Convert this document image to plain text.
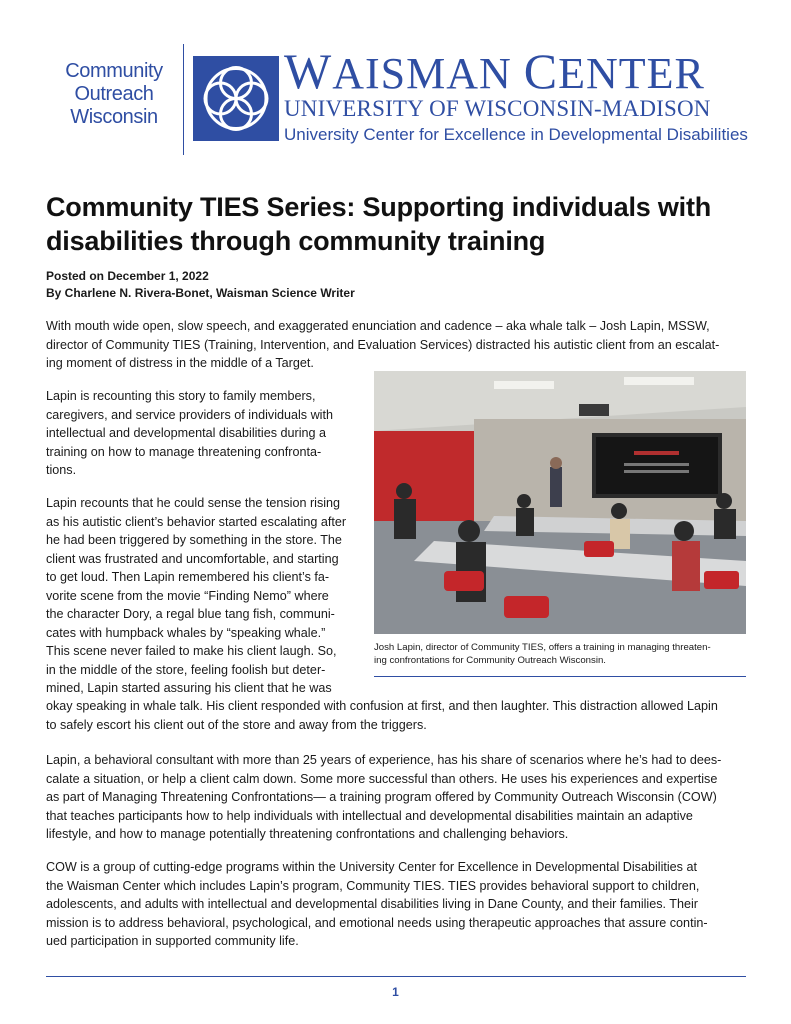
Community
Outreach
Wisconsin
WAISMAN CENTER
UNIVERSITY OF WISCONSIN-MADISON
University Center for Excellence in Developmental Disabilities
Community TIES Series: Supporting individuals with disabilities through community training
Posted on December 1, 2022
By Charlene N. Rivera-Bonet, Waisman Science Writer
With mouth wide open, slow speech, and exaggerated enunciation and cadence – aka whale talk – Josh Lapin, MSSW,
director of Community TIES (Training, Intervention, and Evaluation Services) distracted his autistic client from an escalat-
ing moment of distress in the middle of a Target.
Lapin is recounting this story to family members,
caregivers, and service providers of individuals with
intellectual and developmental disabilities during a
training on how to manage threatening confronta-
tions.
Lapin recounts that he could sense the tension rising
as his autistic client’s behavior started escalating after
he had been triggered by something in the store. The
client was frustrated and uncomfortable, and starting
to get loud. Then Lapin remembered his client’s fa-
vorite scene from the movie “Finding Nemo” where
the character Dory, a regal blue tang fish, communi-
cates with humpback whales by “speaking whale.”
This scene never failed to make his client laugh. So,
in the middle of the store, feeling foolish but deter-
mined, Lapin started assuring his client that he was
okay speaking in whale talk. His client responded with confusion at first, and then laughter. This distraction allowed Lapin
to safely escort his client out of the store and away from the triggers.
Lapin, a behavioral consultant with more than 25 years of experience, has his share of scenarios where he’s had to dees-
calate a situation, or help a client calm down. Some more successful than others. He uses his experiences and expertise
as part of Managing Threatening Confrontations— a training program offered by Community Outreach Wisconsin (COW)
that teaches participants how to help individuals with intellectual and developmental disabilities maintain an adaptive
lifestyle, and how to manage potentially threatening confrontations and challenging behaviors.
COW is a group of cutting-edge programs within the University Center for Excellence in Developmental Disabilities at
the Waisman Center which includes Lapin’s program, Community TIES. TIES provides behavioral support to children,
adolescents, and adults with intellectual and developmental disabilities living in Dane County, and their families. Their
mission is to address behavioral, psychological, and emotional needs using therapeutic approaches that assure contin-
ued participation in supported community life.
Josh Lapin, director of Community TIES, offers a training in managing threaten-
ing confrontations for Community Outreach Wisconsin.
1
